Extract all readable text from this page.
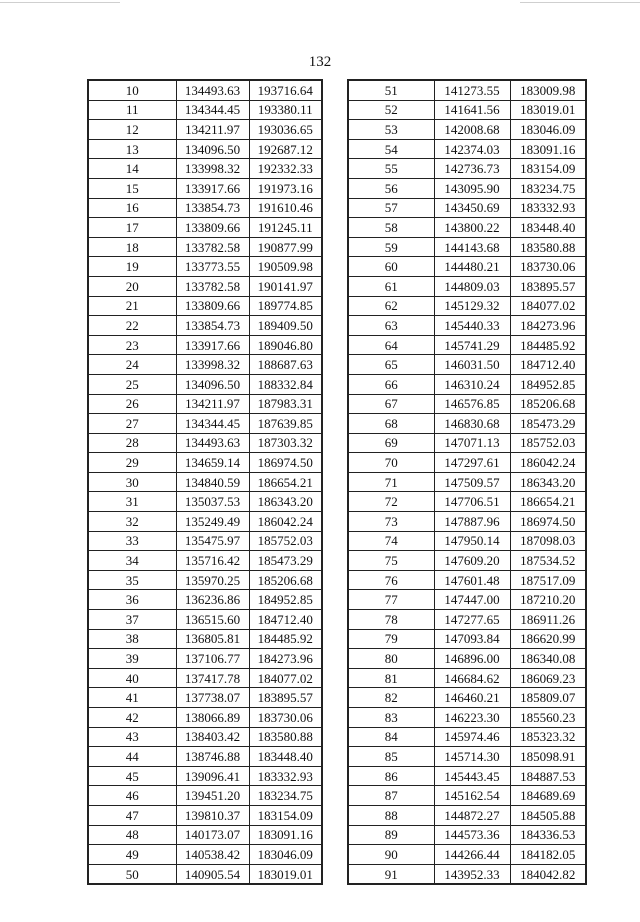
132
10	134493.63	193716.64
11	134344.45	193380.11
12	134211.97	193036.65
13	134096.50	192687.12
14	133998.32	192332.33
15	133917.66	191973.16
16	133854.73	191610.46
17	133809.66	191245.11
18	133782.58	190877.99
19	133773.55	190509.98
20	133782.58	190141.97
21	133809.66	189774.85
22	133854.73	189409.50
23	133917.66	189046.80
24	133998.32	188687.63
25	134096.50	188332.84
26	134211.97	187983.31
27	134344.45	187639.85
28	134493.63	187303.32
29	134659.14	186974.50
30	134840.59	186654.21
31	135037.53	186343.20
32	135249.49	186042.24
33	135475.97	185752.03
34	135716.42	185473.29
35	135970.25	185206.68
36	136236.86	184952.85
37	136515.60	184712.40
38	136805.81	184485.92
39	137106.77	184273.96
40	137417.78	184077.02
41	137738.07	183895.57
42	138066.89	183730.06
43	138403.42	183580.88
44	138746.88	183448.40
45	139096.41	183332.93
46	139451.20	183234.75
47	139810.37	183154.09
48	140173.07	183091.16
49	140538.42	183046.09
50	140905.54	183019.01
51	141273.55	183009.98
52	141641.56	183019.01
53	142008.68	183046.09
54	142374.03	183091.16
55	142736.73	183154.09
56	143095.90	183234.75
57	143450.69	183332.93
58	143800.22	183448.40
59	144143.68	183580.88
60	144480.21	183730.06
61	144809.03	183895.57
62	145129.32	184077.02
63	145440.33	184273.96
64	145741.29	184485.92
65	146031.50	184712.40
66	146310.24	184952.85
67	146576.85	185206.68
68	146830.68	185473.29
69	147071.13	185752.03
70	147297.61	186042.24
71	147509.57	186343.20
72	147706.51	186654.21
73	147887.96	186974.50
74	147950.14	187098.03
75	147609.20	187534.52
76	147601.48	187517.09
77	147447.00	187210.20
78	147277.65	186911.26
79	147093.84	186620.99
80	146896.00	186340.08
81	146684.62	186069.23
82	146460.21	185809.07
83	146223.30	185560.23
84	145974.46	185323.32
85	145714.30	185098.91
86	145443.45	184887.53
87	145162.54	184689.69
88	144872.27	184505.88
89	144573.36	184336.53
90	144266.44	184182.05
91	143952.33	184042.82
